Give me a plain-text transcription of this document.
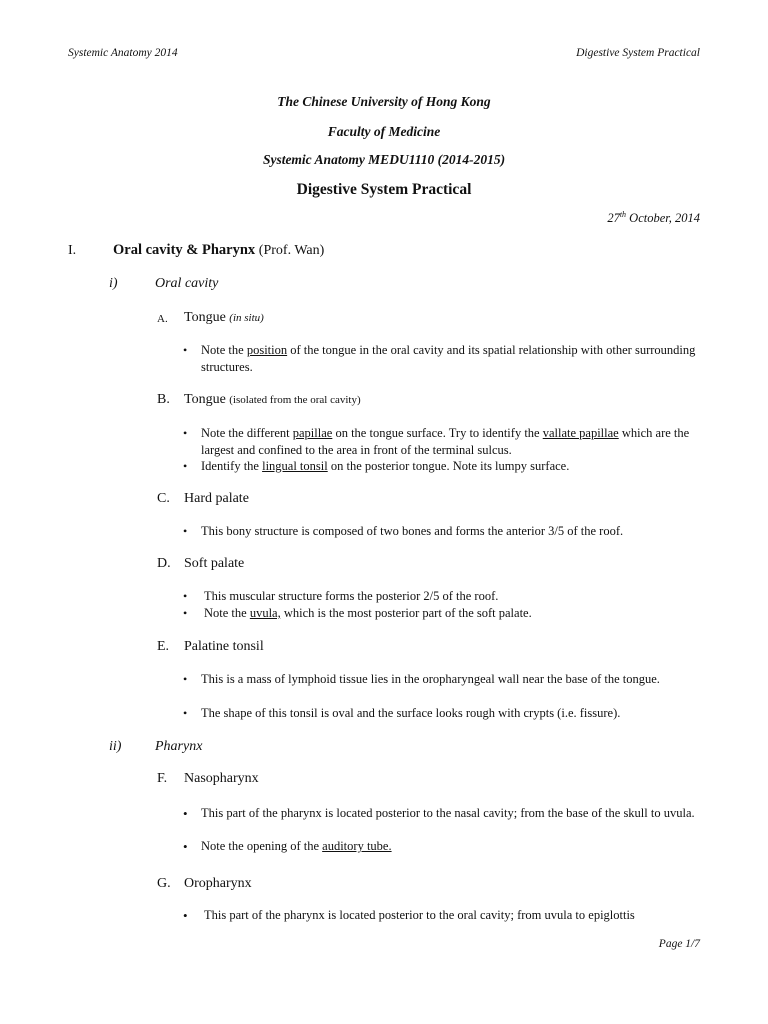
Systemic Anatomy 2014	Digestive System Practical
The Chinese University of Hong Kong
Faculty of Medicine
Systemic Anatomy MEDU1110 (2014-2015)
Digestive System Practical
27th October, 2014
I.	Oral cavity & Pharynx (Prof. Wan)
i)	Oral cavity
A. Tongue (in situ)
• Note the position of the tongue in the oral cavity and its spatial relationship with other surrounding structures.
B. Tongue (isolated from the oral cavity)
• Note the different papillae on the tongue surface. Try to identify the vallate papillae which are the largest and confined to the area in front of the terminal sulcus.
• Identify the lingual tonsil on the posterior tongue. Note its lumpy surface.
C. Hard palate
• This bony structure is composed of two bones and forms the anterior 3/5 of the roof.
D. Soft palate
• This muscular structure forms the posterior 2/5 of the roof.
• Note the uvula, which is the most posterior part of the soft palate.
E. Palatine tonsil
• This is a mass of lymphoid tissue lies in the oropharyngeal wall near the base of the tongue.
• The shape of this tonsil is oval and the surface looks rough with crypts (i.e. fissure).
ii) Pharynx
F. Nasopharynx
• This part of the pharynx is located posterior to the nasal cavity; from the base of the skull to uvula.
• Note the opening of the auditory tube.
G. Oropharynx
• This part of the pharynx is located posterior to the oral cavity; from uvula to epiglottis
Page 1/7
